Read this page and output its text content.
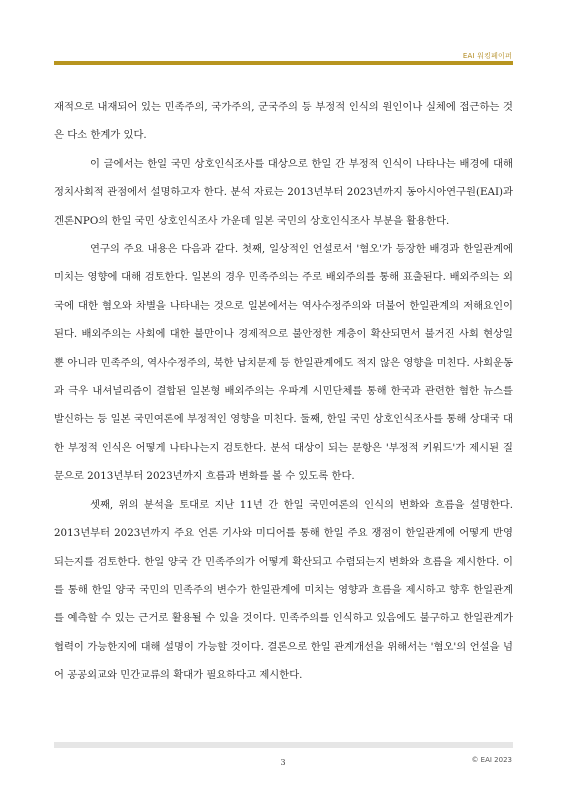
EAI 워킹페이퍼

재적으로 내재되어 있는 민족주의, 국가주의, 군국주의 등 부정적 인식의 원인이나 실체에 접근하는 것은 다소 한계가 있다.

이 글에서는 한일 국민 상호인식조사를 대상으로 한일 간 부정적 인식이 나타나는 배경에 대해 정치사회적 관점에서 설명하고자 한다. 분석 자료는 2013년부터 2023년까지 동아시아연구원(EAI)과 겐론NPO의 한일 국민 상호인식조사 가운데 일본 국민의 상호인식조사 부분을 활용한다.

연구의 주요 내용은 다음과 같다. 첫째, 일상적인 언설로서 '혐오'가 등장한 배경과 한일관계에 미치는 영향에 대해 검토한다. 일본의 경우 민족주의는 주로 배외주의를 통해 표출된다. 배외주의는 외국에 대한 혐오와 차별을 나타내는 것으로 일본에서는 역사수정주의와 더불어 한일관계의 저해요인이 된다. 배외주의는 사회에 대한 불만이나 경제적으로 불안정한 계층이 확산되면서 불거진 사회 현상일 뿐 아니라 민족주의, 역사수정주의, 북한 납치문제 등 한일관계에도 적지 않은 영향을 미친다. 사회운동과 극우 내셔널리즘이 결합된 일본형 배외주의는 우파계 시민단체를 통해 한국과 관련한 혐한 뉴스를 발신하는 등 일본 국민여론에 부정적인 영향을 미친다. 둘째, 한일 국민 상호인식조사를 통해 상대국 대한 부정적 인식은 어떻게 나타나는지 검토한다. 분석 대상이 되는 문항은 '부정적 키워드'가 제시된 질문으로 2013년부터 2023년까지 흐름과 변화를 볼 수 있도록 한다.

셋째, 위의 분석을 토대로 지난 11년 간 한일 국민여론의 인식의 변화와 흐름을 설명한다. 2013년부터 2023년까지 주요 언론 기사와 미디어를 통해 한일 주요 쟁점이 한일관계에 어떻게 반영되는지를 검토한다. 한일 양국 간 민족주의가 어떻게 확산되고 수렴되는지 변화와 흐름을 제시한다. 이를 통해 한일 양국 국민의 민족주의 변수가 한일관계에 미치는 영향과 흐름을 제시하고 향후 한일관계를 예측할 수 있는 근거로 활용될 수 있을 것이다. 민족주의를 인식하고 있음에도 불구하고 한일관계가 협력이 가능한지에 대해 설명이 가능할 것이다. 결론으로 한일 관계개선을 위해서는 '혐오'의 언설을 넘어 공공외교와 민간교류의 확대가 필요하다고 제시한다.

3	© EAI 2023
